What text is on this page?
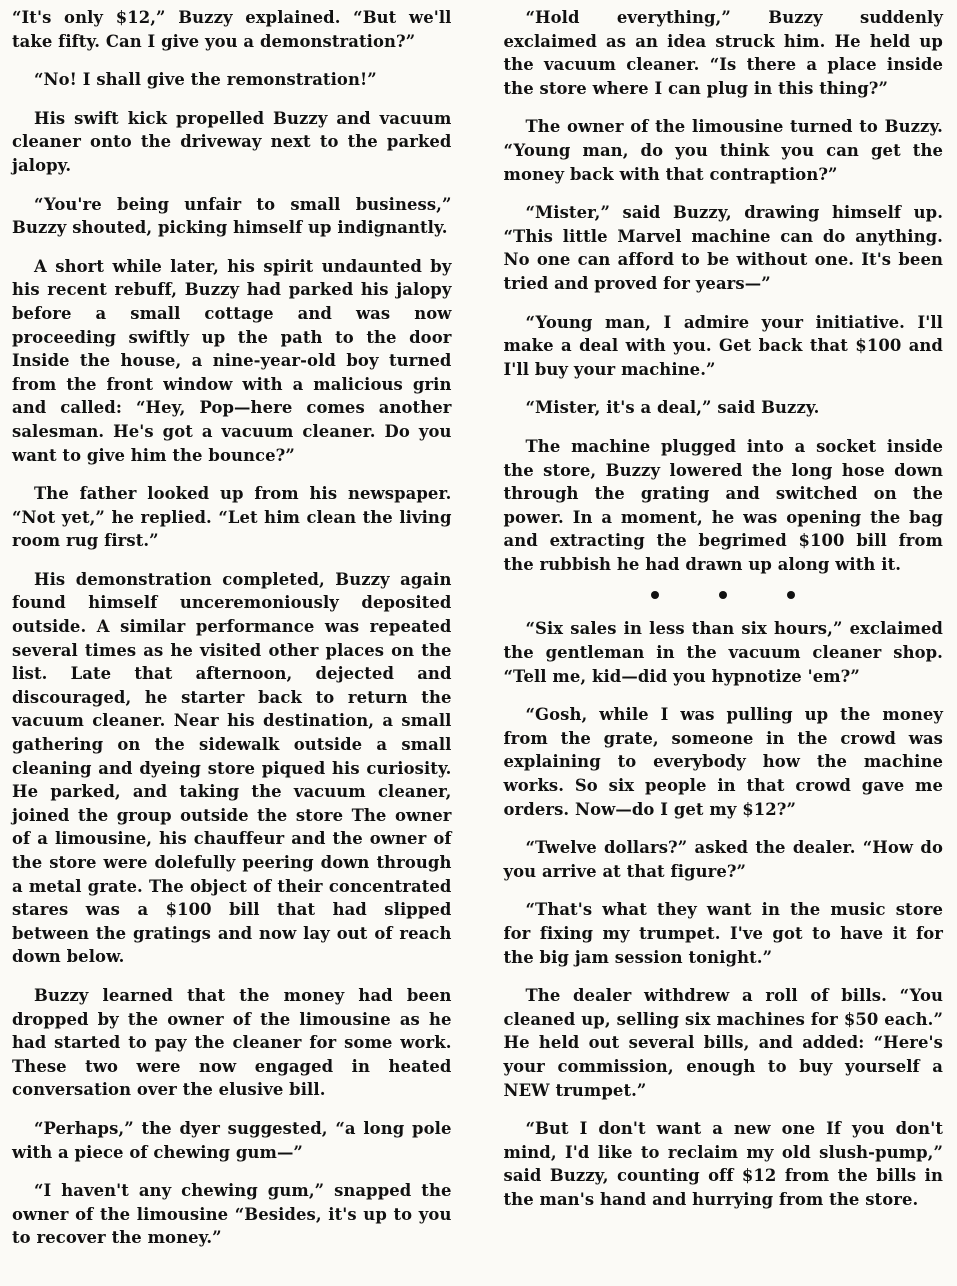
“It's only $12,” Buzzy explained. “But we'll take fifty. Can I give you a demonstration?”

“No! I shall give the remonstration!”

His swift kick propelled Buzzy and vacuum cleaner onto the driveway next to the parked jalopy.

“You're being unfair to small business,” Buzzy shouted, picking himself up indignantly.

A short while later, his spirit undaunted by his recent rebuff, Buzzy had parked his jalopy before a small cottage and was now proceeding swiftly up the path to the door Inside the house, a nine-year-old boy turned from the front window with a malicious grin and called: “Hey, Pop—here comes another salesman. He's got a vacuum cleaner. Do you want to give him the bounce?”

The father looked up from his newspaper. “Not yet,” he replied. “Let him clean the living room rug first.”

His demonstration completed, Buzzy again found himself unceremoniously deposited outside. A similar performance was repeated several times as he visited other places on the list. Late that afternoon, dejected and discouraged, he starter back to return the vacuum cleaner. Near his destination, a small gathering on the sidewalk outside a small cleaning and dyeing store piqued his curiosity. He parked, and taking the vacuum cleaner, joined the group outside the store The owner of a limousine, his chauffeur and the owner of the store were dolefully peering down through a metal grate. The object of their concentrated stares was a $100 bill that had slipped between the gratings and now lay out of reach down below.

Buzzy learned that the money had been dropped by the owner of the limousine as he had started to pay the cleaner for some work. These two were now engaged in heated conversation over the elusive bill.

“Perhaps,” the dyer suggested, “a long pole with a piece of chewing gum—”

“I haven't any chewing gum,” snapped the owner of the limousine “Besides, it's up to you to recover the money.”

“Hold everything,” Buzzy suddenly exclaimed as an idea struck him. He held up the vacuum cleaner. “Is there a place inside the store where I can plug in this thing?”

The owner of the limousine turned to Buzzy. “Young man, do you think you can get the money back with that contraption?”

“Mister,” said Buzzy, drawing himself up. “This little Marvel machine can do anything. No one can afford to be without one. It's been tried and proved for years—”

“Young man, I admire your initiative. I'll make a deal with you. Get back that $100 and I'll buy your machine.”

“Mister, it's a deal,” said Buzzy.

The machine plugged into a socket inside the store, Buzzy lowered the long hose down through the grating and switched on the power. In a moment, he was opening the bag and extracting the begrimed $100 bill from the rubbish he had drawn up along with it.

“Six sales in less than six hours,” exclaimed the gentleman in the vacuum cleaner shop. “Tell me, kid—did you hypnotize 'em?”

“Gosh, while I was pulling up the money from the grate, someone in the crowd was explaining to everybody how the machine works. So six people in that crowd gave me orders. Now—do I get my $12?”

“Twelve dollars?” asked the dealer. “How do you arrive at that figure?”

“That's what they want in the music store for fixing my trumpet. I've got to have it for the big jam session tonight.”

The dealer withdrew a roll of bills. “You cleaned up, selling six machines for $50 each.” He held out several bills, and added: “Here's your commission, enough to buy yourself a NEW trumpet.”

“But I don't want a new one If you don't mind, I'd like to reclaim my old slush-pump,” said Buzzy, counting off $12 from the bills in the man's hand and hurrying from the store.
